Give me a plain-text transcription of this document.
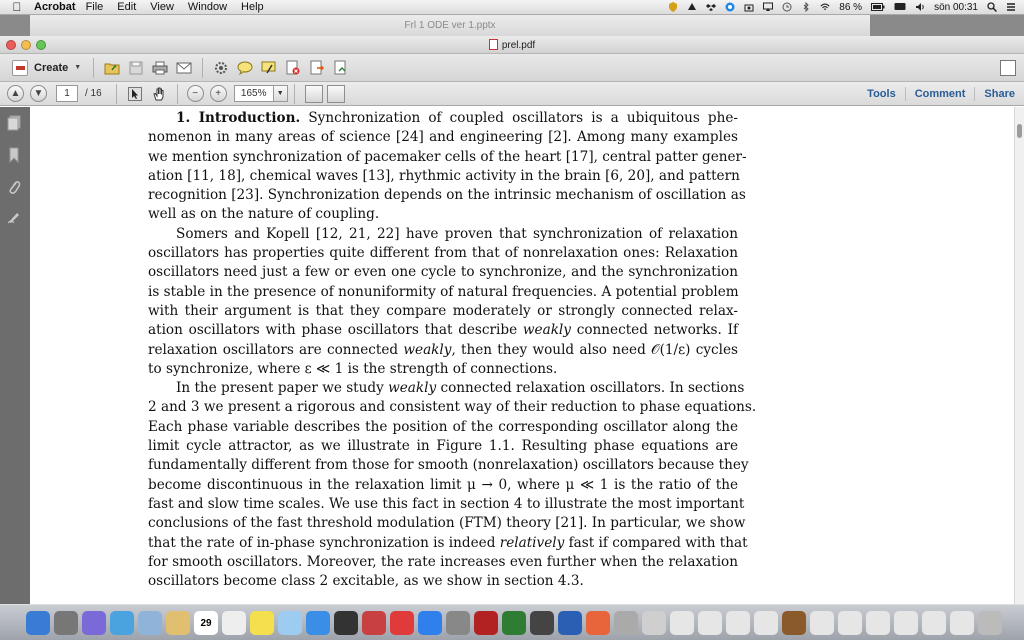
Acrobat File Edit View Window Help	86 %	sön 00:31
Frl 1 ODE ver 1.pptx
prel.pdf
Create ▼
▲	▼	1	/ 16	−	+	165%	▼	Tools	Comment	Share
1. Introduction. Synchronization of coupled oscillators is a ubiquitous phe-
nomenon in many areas of science [24] and engineering [2]. Among many examples
we mention synchronization of pacemaker cells of the heart [17], central patter gener-
ation [11, 18], chemical waves [13], rhythmic activity in the brain [6, 20], and pattern
recognition [23]. Synchronization depends on the intrinsic mechanism of oscillation as
well as on the nature of coupling.
Somers and Kopell [12, 21, 22] have proven that synchronization of relaxation
oscillators has properties quite different from that of nonrelaxation ones: Relaxation
oscillators need just a few or even one cycle to synchronize, and the synchronization
is stable in the presence of nonuniformity of natural frequencies. A potential problem
with their argument is that they compare moderately or strongly connected relax-
ation oscillators with phase oscillators that describe weakly connected networks. If
relaxation oscillators are connected weakly, then they would also need 𝒪(1/ε) cycles
to synchronize, where ε ≪ 1 is the strength of connections.
In the present paper we study weakly connected relaxation oscillators. In sections
2 and 3 we present a rigorous and consistent way of their reduction to phase equations.
Each phase variable describes the position of the corresponding oscillator along the
limit cycle attractor, as we illustrate in Figure 1.1. Resulting phase equations are
fundamentally different from those for smooth (nonrelaxation) oscillators because they
become discontinuous in the relaxation limit μ → 0, where μ ≪ 1 is the ratio of the
fast and slow time scales. We use this fact in section 4 to illustrate the most important
conclusions of the fast threshold modulation (FTM) theory [21]. In particular, we show
that the rate of in-phase synchronization is indeed relatively fast if compared with that
for smooth oscillators. Moreover, the rate increases even further when the relaxation
oscillators become class 2 excitable, as we show in section 4.3.
29
